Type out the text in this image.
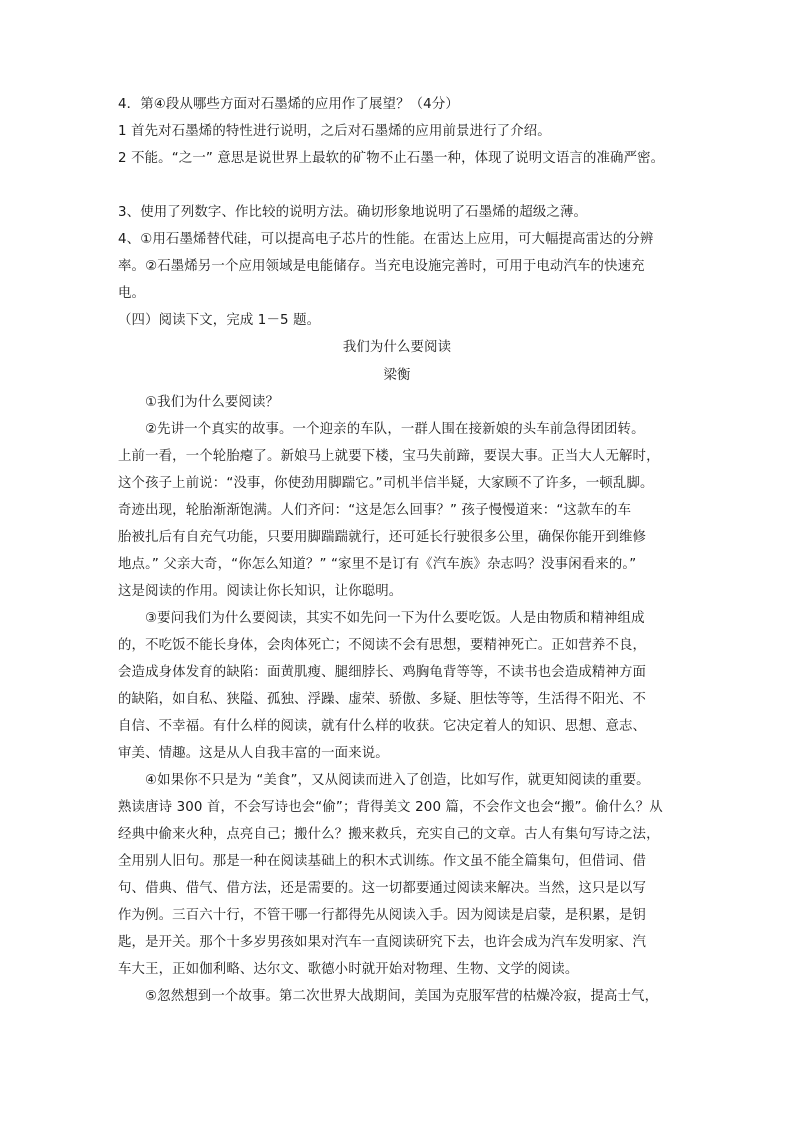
4．第④段从哪些方面对石墨烯的应用作了展望？（4分）
1 首先对石墨烯的特性进行说明，之后对石墨烯的应用前景进行了介绍。
2 不能。“之一” 意思是说世界上最软的矿物不止石墨一种，体现了说明文语言的准确严密。
3、使用了列数字、作比较的说明方法。确切形象地说明了石墨烯的超级之薄。
4、①用石墨烯替代硅，可以提高电子芯片的性能。在雷达上应用，可大幅提高雷达的分辨
率。②石墨烯另一个应用领域是电能储存。当充电设施完善时，可用于电动汽车的快速充
电。
（四）阅读下文，完成 1－5 题。
我们为什么要阅读
梁衡
①我们为什么要阅读？
②先讲一个真实的故事。一个迎亲的车队，一群人围在接新娘的头车前急得团团转。
上前一看，一个轮胎瘪了。新娘马上就要下楼，宝马失前蹄，要误大事。正当大人无解时，
这个孩子上前说：“没事，你使劲用脚踹它。”司机半信半疑，大家顾不了许多，一顿乱脚。
奇迹出现，轮胎渐渐饱满。人们齐问：“这是怎么回事？” 孩子慢慢道来：“这款车的车
胎被扎后有自充气功能，只要用脚踹踹就行，还可延长行驶很多公里，确保你能开到维修
地点。” 父亲大奇，“你怎么知道？” “家里不是订有《汽车族》杂志吗？没事闲看来的。”
这是阅读的作用。阅读让你长知识，让你聪明。
③要问我们为什么要阅读，其实不如先问一下为什么要吃饭。人是由物质和精神组成
的，不吃饭不能长身体，会肉体死亡；不阅读不会有思想，要精神死亡。正如营养不良，
会造成身体发育的缺陷：面黄肌瘦、腿细脖长、鸡胸龟背等等，不读书也会造成精神方面
的缺陷，如自私、狭隘、孤独、浮躁、虚荣、骄傲、多疑、胆怯等等，生活得不阳光、不
自信、不幸福。有什么样的阅读，就有什么样的收获。它决定着人的知识、思想、意志、
审美、情趣。这是从人自我丰富的一面来说。
④如果你不只是为 “美食”，又从阅读而进入了创造，比如写作，就更知阅读的重要。
熟读唐诗 300 首，不会写诗也会“偷”；背得美文 200 篇，不会作文也会“搬”。偷什么？从
经典中偷来火种，点亮自己；搬什么？搬来救兵，充实自己的文章。古人有集句写诗之法，
全用别人旧句。那是一种在阅读基础上的积木式训练。作文虽不能全篇集句，但借词、借
句、借典、借气、借方法，还是需要的。这一切都要通过阅读来解决。当然，这只是以写
作为例。三百六十行，不管干哪一行都得先从阅读入手。因为阅读是启蒙，是积累，是钥
匙，是开关。那个十多岁男孩如果对汽车一直阅读研究下去，也许会成为汽车发明家、汽
车大王，正如伽利略、达尔文、歌德小时就开始对物理、生物、文学的阅读。
⑤忽然想到一个故事。第二次世界大战期间，美国为克服军营的枯燥冷寂，提高士气，
